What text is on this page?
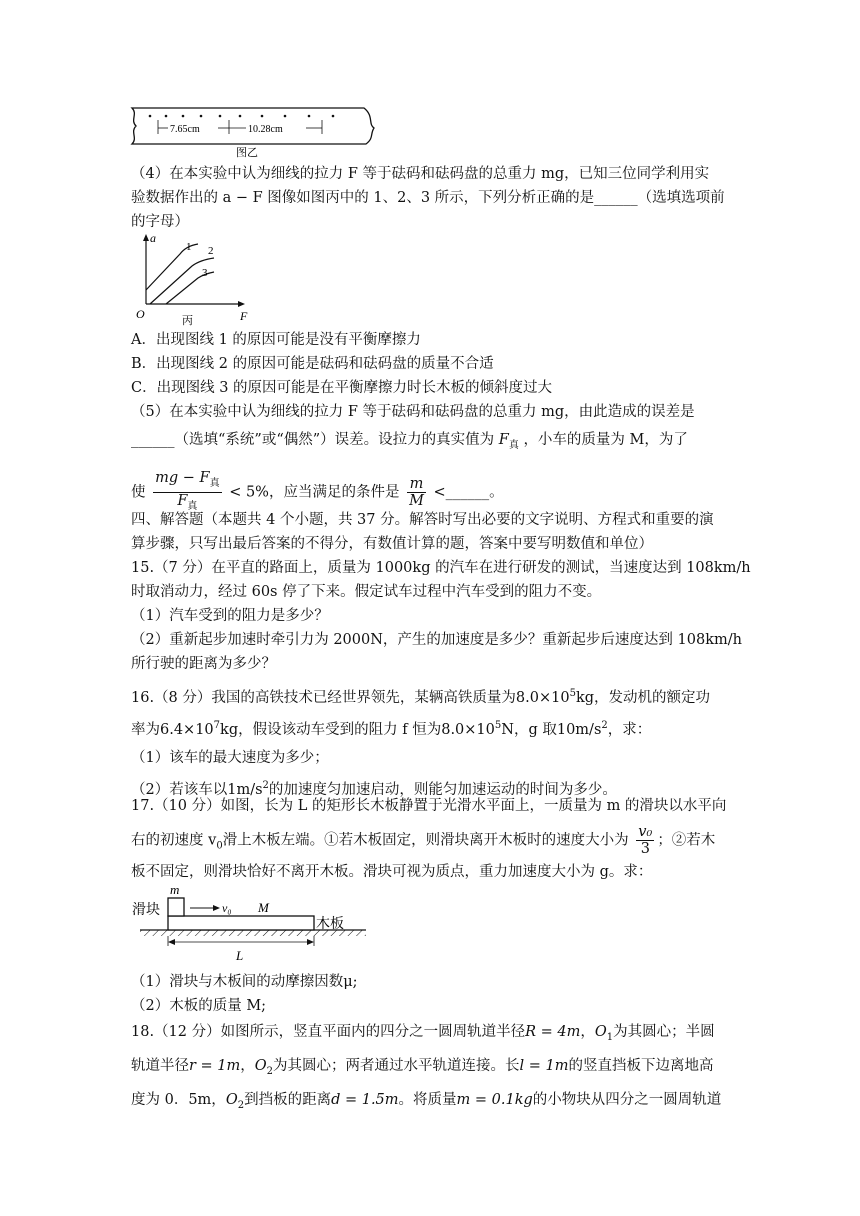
7.65cm	10.28cm
图乙
（4）在本实验中认为细线的拉力 F 等于砝码和砝码盘的总重力 mg，已知三位同学利用实
验数据作出的 a − F 图像如图丙中的 1、2、3 所示，下列分析正确的是______（选填选项前
的字母）
a
F
O
1 2
3
丙
A．出现图线 1 的原因可能是没有平衡摩擦力
B．出现图线 2 的原因可能是砝码和砝码盘的质量不合适
C．出现图线 3 的原因可能是在平衡摩擦力时长木板的倾斜度过大
（5）在本实验中认为细线的拉力 F 等于砝码和砝码盘的总重力 mg，由此造成的误差是
______（选填“系统”或“偶然”）误差。设拉力的真实值为 $F_真$ ，小车的质量为 M，为了
使 $\frac{mg - F_真}{F_真} < 5\%$，应当满足的条件是 $\frac{m}{M}$ <______。
四、解答题（本题共 4 个小题，共 37 分。解答时写出必要的文字说明、方程式和重要的演
算步骤，只写出最后答案的不得分，有数值计算的题，答案中要写明数值和单位）
15.（7 分）在平直的路面上，质量为 1000kg 的汽车在进行研发的测试，当速度达到 108km/h
时取消动力，经过 60s 停了下来。假定试车过程中汽车受到的阻力不变。
（1）汽车受到的阻力是多少？
（2）重新起步加速时牵引力为 2000N，产生的加速度是多少？重新起步后速度达到 108km/h
所行驶的距离为多少？
16.（8 分）我国的高铁技术已经世界领先，某辆高铁质量为$8.0\times 10^5kg$，发动机的额定功
率为$6.4\times 10^7kg$，假设该动车受到的阻力 f 恒为$8.0\times 10^5N$，g 取$10m/s^2$，求：
（1）该车的最大速度为多少；
（2）若该车以$1m/s^2$的加速度匀加速启动，则能匀加速运动的时间为多少。
17.（10 分）如图，长为 L 的矩形长木板静置于光滑水平面上，一质量为 m 的滑块以水平向
右的初速度 $v_0$滑上木板左端。①若木板固定，则滑块离开木板时的速度大小为 $\frac{\text{v₀}}{3}$ ；②若木
板不固定，则滑块恰好不离开木板。滑块可视为质点，重力加速度大小为 g。求：
m
v₀ M
滑块
木板
L
（1）滑块与木板间的动摩擦因数μ;
（2）木板的质量 M;
18.（12 分）如图所示，竖直平面内的四分之一圆周轨道半径R = 4m，$O_1$为其圆心；半圆
轨道半径r = 1m，$O_2$为其圆心；两者通过水平轨道连接。长l = 1m的竖直挡板下边离地高
度为 0．5m，$O_2$到挡板的距离d = 1.5m。将质量m = 0.1kg的小物块从四分之一圆周轨道
